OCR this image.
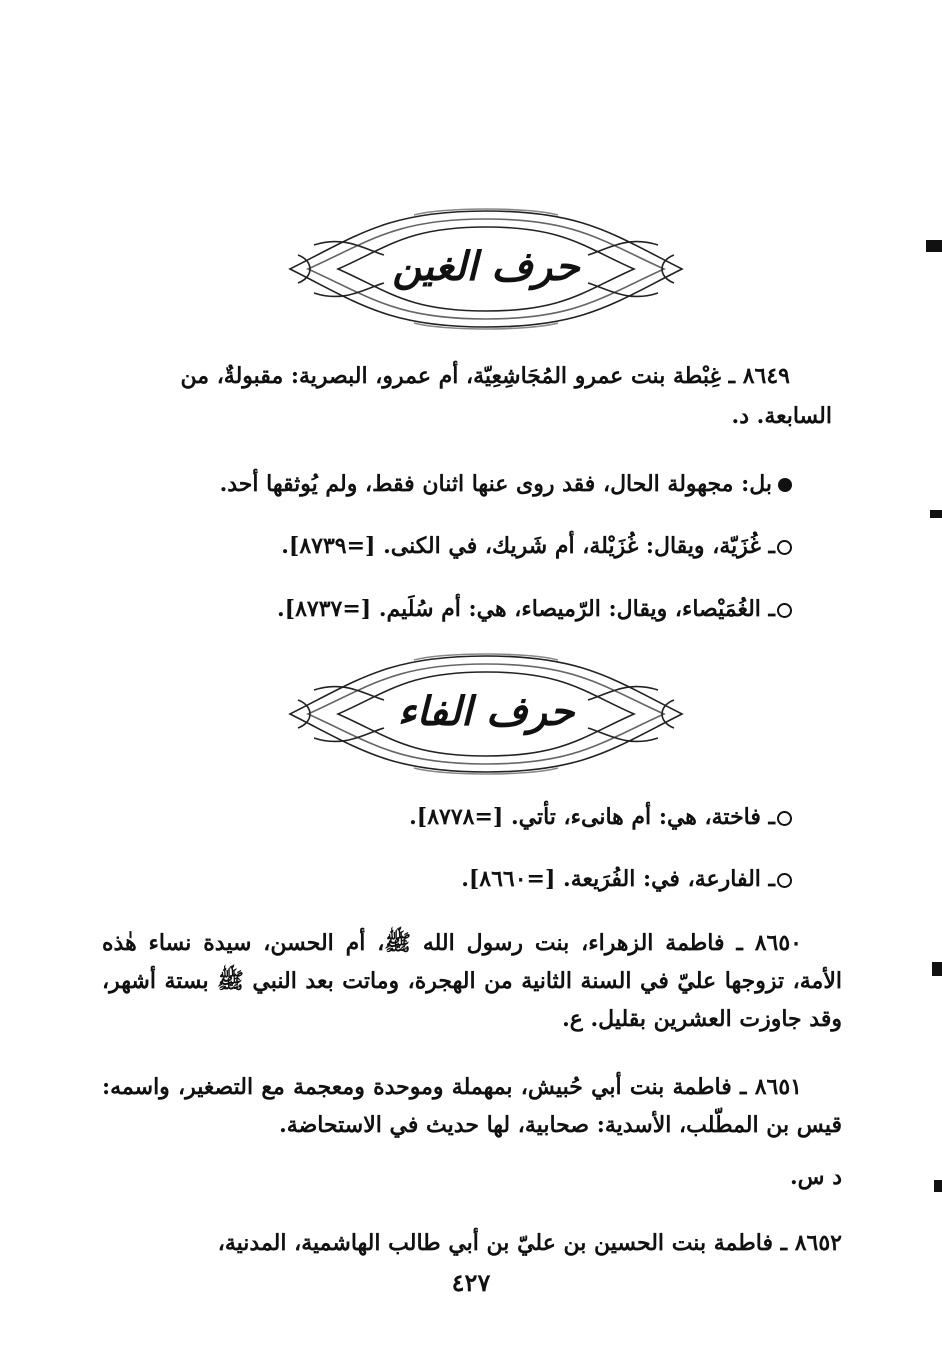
حرف الغين
٨٦٤٩ ـ غِبْطة بنت عمرو المُجَاشِعِيّة، أم عمرو، البصرية: مقبولةٌ، من
السابعة. د.
بل: مجهولة الحال، فقد روى عنها اثنان فقط، ولم يُوثقها أحد.
ـ غُزَيّة، ويقال: غُزَيْلة، أم شَريك، في الكنى. [=٨٧٣٩].
ـ الغُمَيْصاء، ويقال: الرّميصاء، هي: أم سُلَيم. [=٨٧٣٧].
حرف الفاء
ـ فاختة، هي: أم هانىء، تأتي. [=٨٧٧٨].
ـ الفارعة، في: الفُرَيعة. [=٨٦٦٠].
٨٦٥٠ ـ فاطمة الزهراء، بنت رسول الله ﷺ، أم الحسن، سيدة نساء هٰذه الأمة، تزوجها عليّ في السنة الثانية من الهجرة، وماتت بعد النبي ﷺ بستة أشهر، وقد جاوزت العشرين بقليل. ع.
٨٦٥١ ـ فاطمة بنت أبي حُبيش، بمهملة وموحدة ومعجمة مع التصغير، واسمه: قيس بن المطّلب، الأسدية: صحابية، لها حديث في الاستحاضة.
د س.
٨٦٥٢ ـ فاطمة بنت الحسين بن عليّ بن أبي طالب الهاشمية، المدنية،
٤٢٧
